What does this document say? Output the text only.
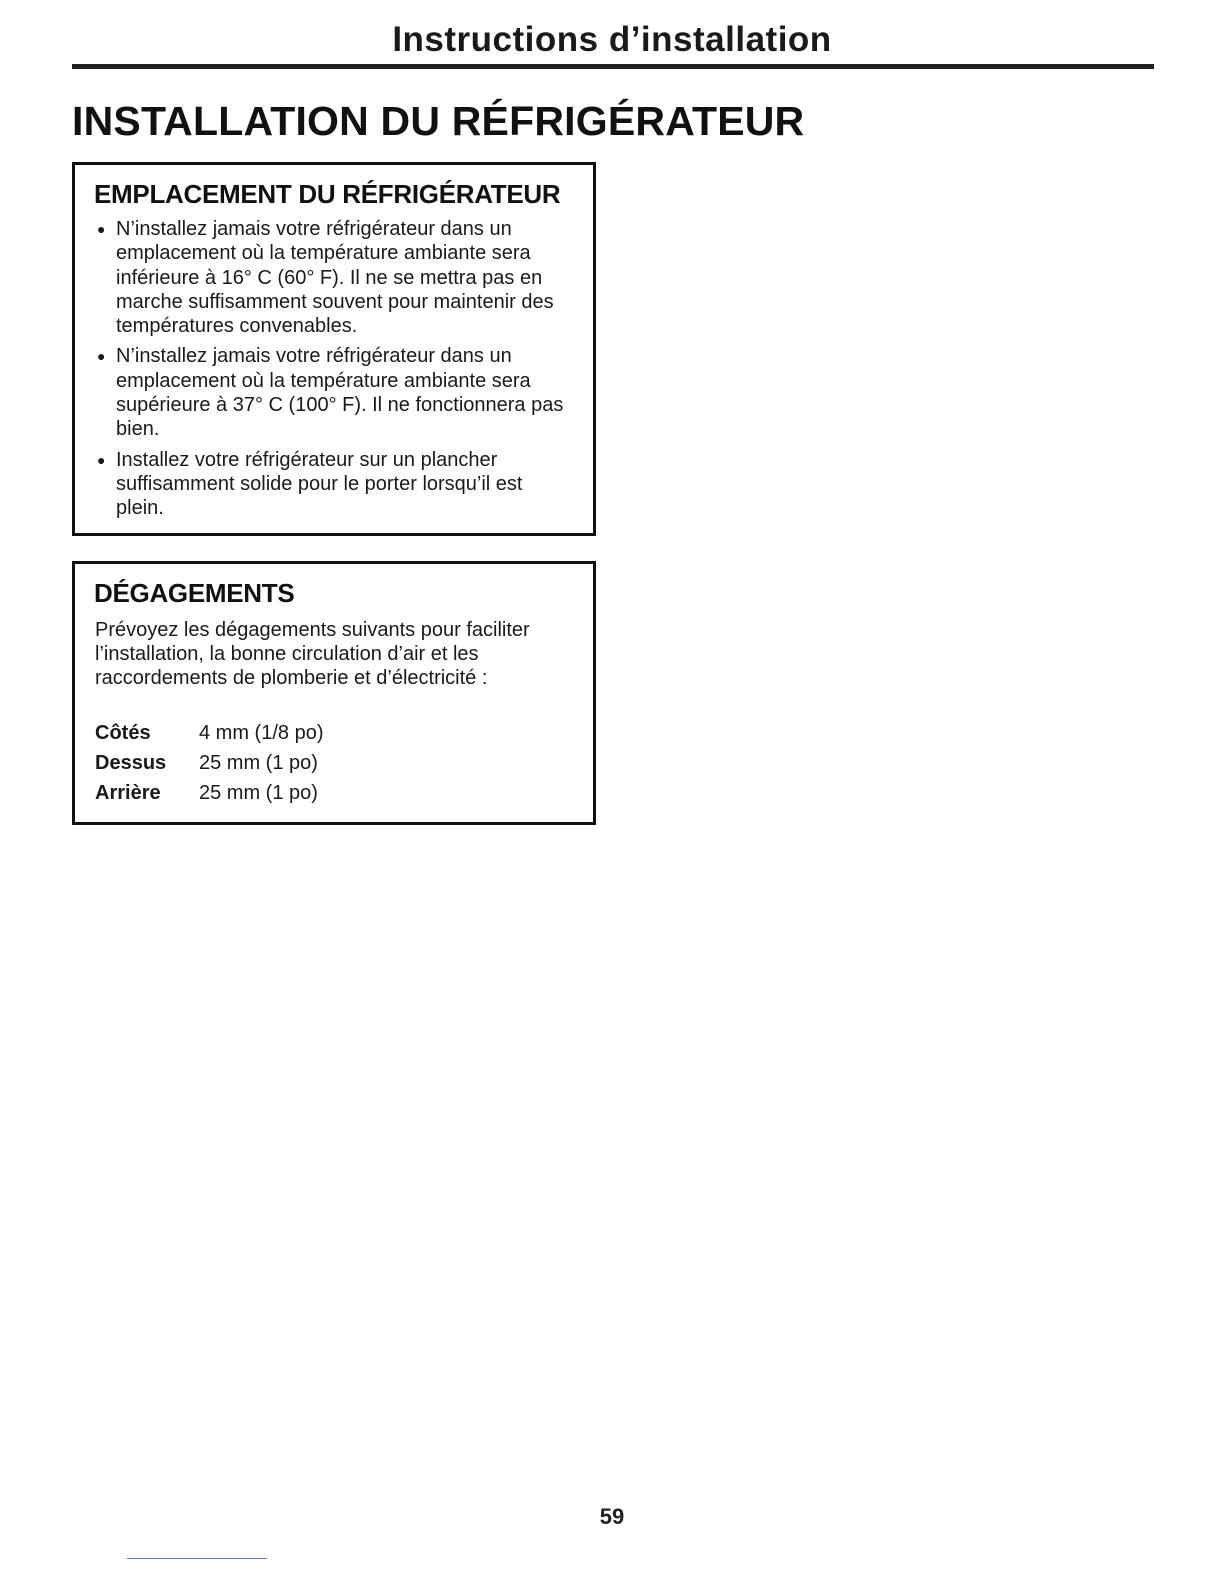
Instructions d’installation
INSTALLATION DU RÉFRIGÉRATEUR
EMPLACEMENT DU RÉFRIGÉRATEUR
● N’installez jamais votre réfrigérateur dans un emplacement où la température ambiante sera inférieure à 16° C (60° F). Il ne se mettra pas en marche suffisamment souvent pour maintenir des températures convenables.
● N’installez jamais votre réfrigérateur dans un emplacement où la température ambiante sera supérieure à 37° C (100° F). Il ne fonctionnera pas bien.
● Installez votre réfrigérateur sur un plancher suffisamment solide pour le porter lorsqu’il est plein.
DÉGAGEMENTS
Prévoyez les dégagements suivants pour faciliter l’installation, la bonne circulation d’air et les raccordements de plomberie et d’électricité :
Côtés	4 mm (1/8 po)
Dessus	25 mm (1 po)
Arrière	25 mm (1 po)
59
